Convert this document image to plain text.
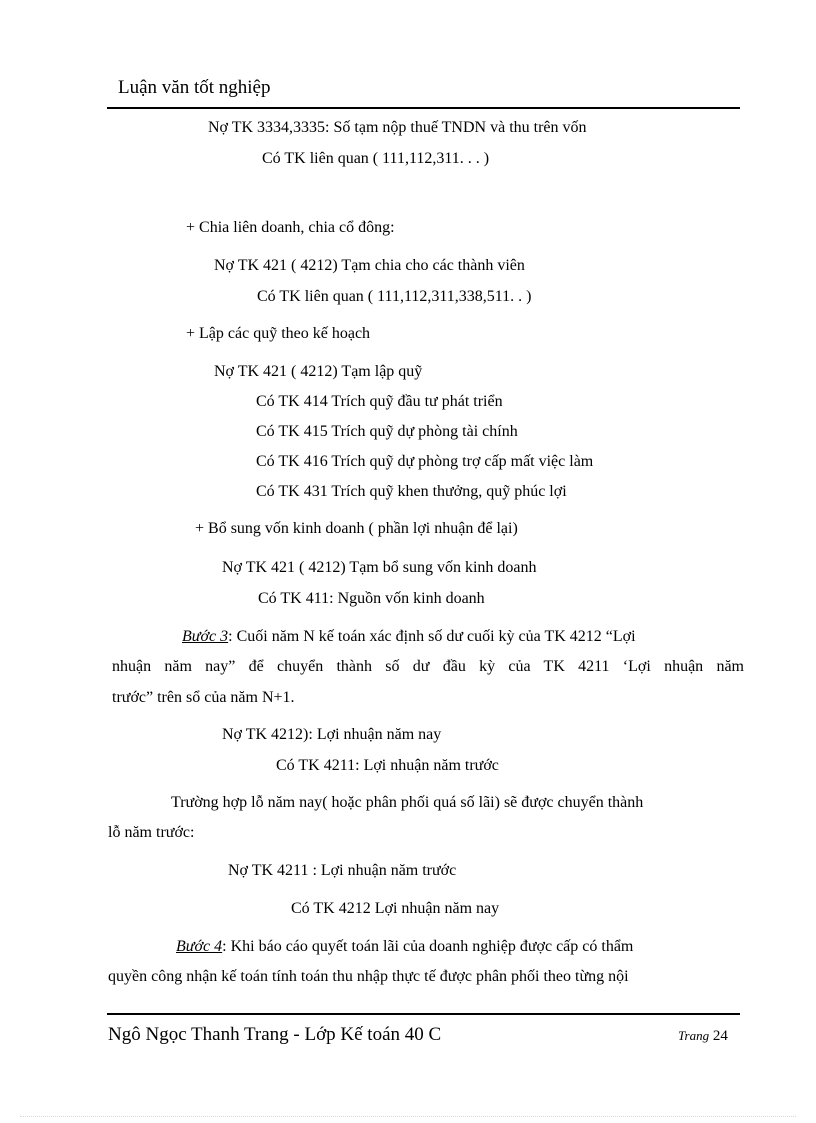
Luận văn tốt nghiệp
Nợ TK 3334,3335: Số tạm nộp thuế TNDN và thu trên vốn
Có TK liên quan ( 111,112,311. . . )
+ Chia liên doanh, chia cổ đông:
Nợ TK 421 ( 4212) Tạm chia cho các thành viên
Có TK liên quan ( 111,112,311,338,511. . )
+ Lập các quỹ theo kế hoạch
Nợ TK 421 ( 4212) Tạm lập quỹ
Có TK 414 Trích quỹ đầu tư phát triển
Có TK 415 Trích quỹ dự phòng tài chính
Có TK 416 Trích quỹ dự phòng trợ cấp mất việc làm
Có TK 431 Trích quỹ khen thưởng, quỹ phúc lợi
+ Bổ sung vốn kinh doanh ( phần lợi nhuận để lại)
Nợ TK 421 ( 4212) Tạm bổ sung vốn kinh doanh
Có TK 411: Nguồn vốn kinh doanh
Bước 3: Cuối năm N kế toán xác định số dư cuối kỳ của TK 4212 “Lợi
nhuận năm nay” để chuyển thành số dư đầu kỳ của TK 4211 ‘Lợi nhuận năm
trước” trên sổ của năm N+1.
Nợ TK 4212): Lợi nhuận năm nay
Có TK 4211: Lợi nhuận năm trước
Trường hợp lỗ năm nay( hoặc phân phối quá số lãi) sẽ được chuyển thành
lỗ năm trước:
Nợ TK 4211 : Lợi nhuận năm trước
Có TK 4212 Lợi nhuận năm nay
Bước 4: Khi báo cáo quyết toán lãi của doanh nghiệp được cấp có thẩm
quyền công nhận kế toán tính toán thu nhập thực tế được phân phối theo từng nội
Ngô Ngọc Thanh Trang - Lớp Kế toán 40 C	Trang 24
